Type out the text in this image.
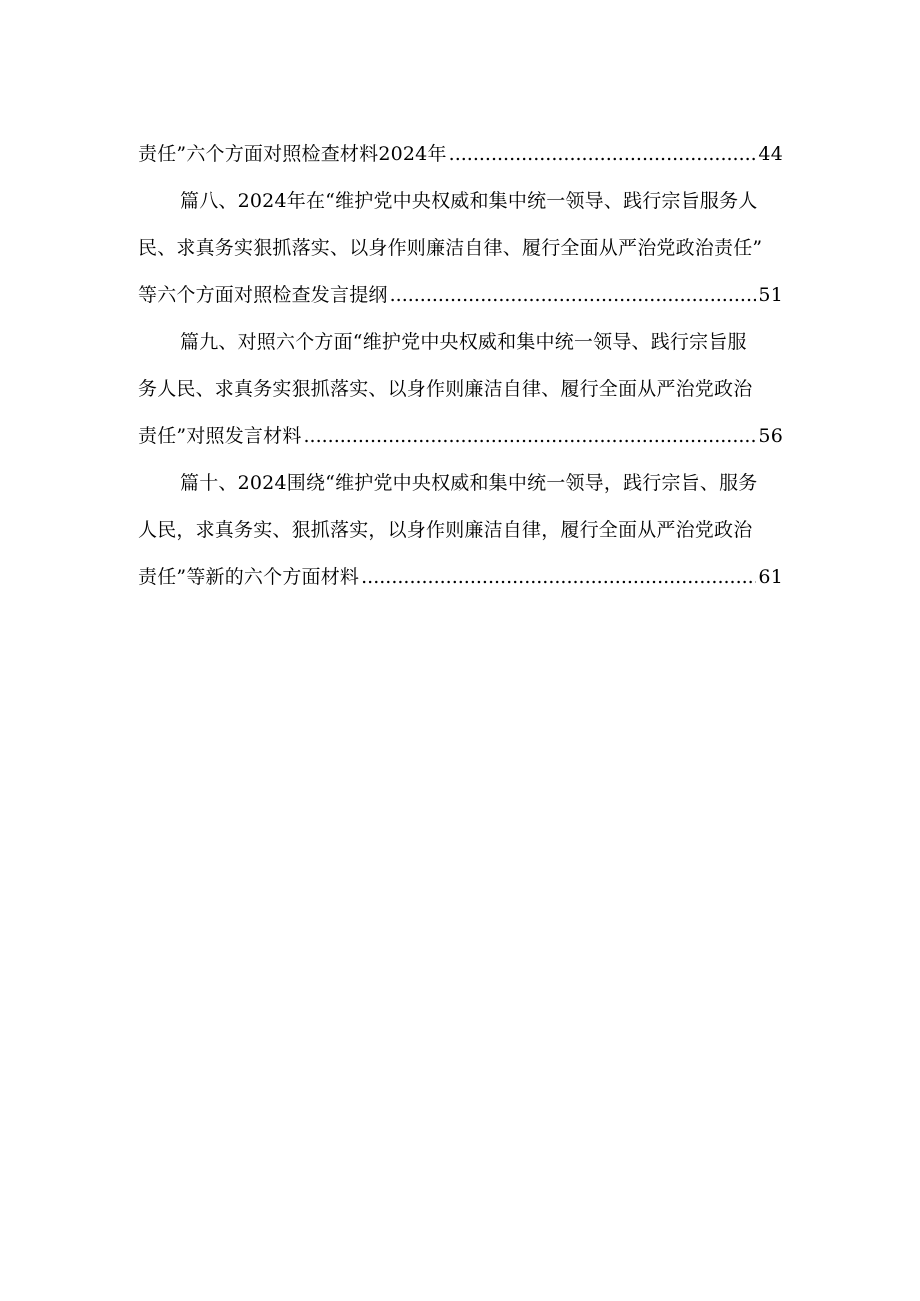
责任”六个方面对照检查材料2024年 .....	44
篇八、2024年在“维护党中央权威和集中统一领导、践行宗旨服务人
民、求真务实狠抓落实、以身作则廉洁自律、履行全面从严治党政治责任”
等六个方面对照检查发言提纲 .....	51
篇九、对照六个方面“维护党中央权威和集中统一领导、践行宗旨服
务人民、求真务实狠抓落实、以身作则廉洁自律、履行全面从严治党政治
责任”对照发言材料 .....	56
篇十、2024围绕“维护党中央权威和集中统一领导，践行宗旨、服务
人民，求真务实、狠抓落实，以身作则廉洁自律，履行全面从严治党政治
责任”等新的六个方面材料 .....	61
